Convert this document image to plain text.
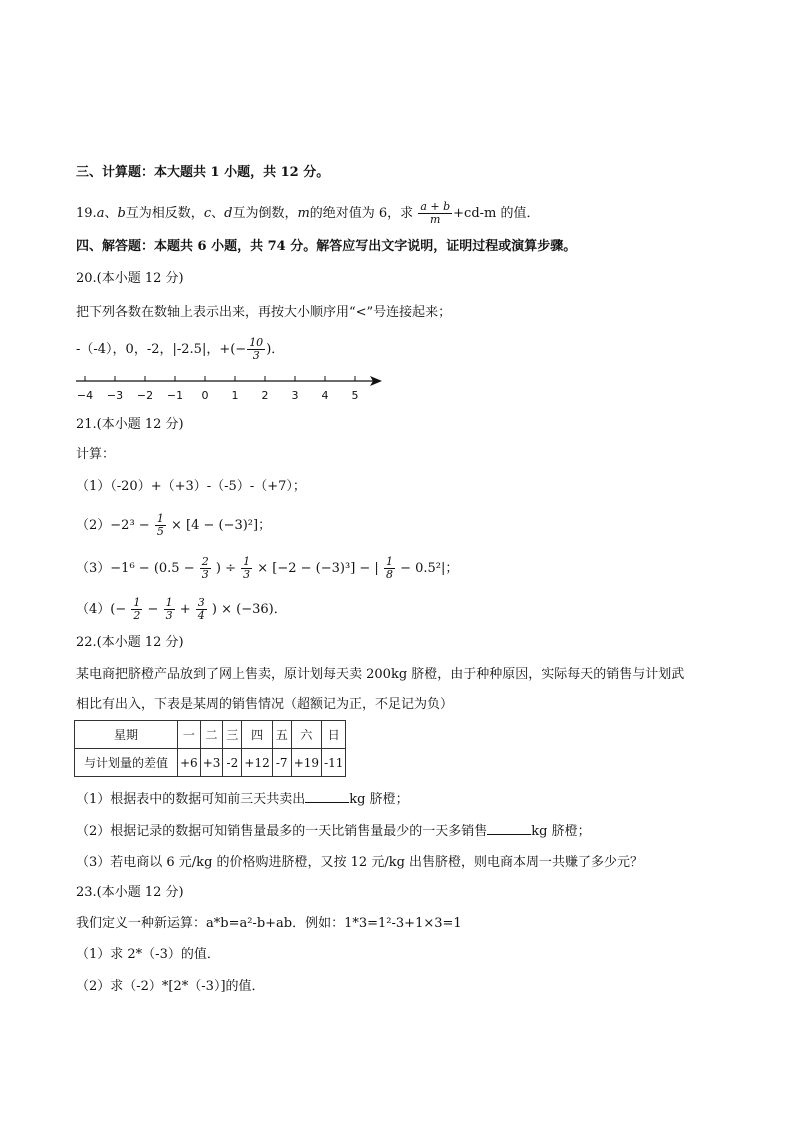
三、计算题：本大题共 1 小题，共 12 分。
19.a、b互为相反数，c、d互为倒数，m的绝对值为 6，求 $\frac{a + b}{m} +cd-m$ 的值．
四、解答题：本题共 6 小题，共 74 分。解答应写出文字说明，证明过程或演算步骤。
20.(本小题 12 分)
把下列各数在数轴上表示出来，再按大小顺序用“<”号连接起来；
-（-4），0，-2，|-2.5|，+(− $\frac{10}{3}$ )．
−4 −3 −2 −1 0 1 2 3 4 5
21.(本小题 12 分)
计算：
（1）（-20）+（+3）-（-5）-（+7）；
$(2)-2^3 - \frac{1}{5} \times [4 - (-3)^2]$；
$(3)-1^6 - (0.5 - \frac{2}{3}$ ) ÷ $\frac{1}{3} \times [-2 - (-3)^3]$ − | $\frac{1}{8} - 0.5^2|$；
$(4)(- \frac{1}{2} - \frac{1}{3} + \frac{3}{4}$ ) × (−36)．
22.(本小题 12 分)
某电商把脐橙产品放到了网上售卖，原计划每天卖 200kg 脐橙，由于种种原因，实际每天的销售与计划武
相比有出入，下表是某周的销售情况（超额记为正，不足记为负）
星期	一	二	三	四	五	六	日
与计划量的差值	+6	+3	-2	+12	-7	+19	-11
（1）根据表中的数据可知前三天共卖出	kg 脐橙；
（2）根据记录的数据可知销售量最多的一天比销售量最少的一天多销售	kg 脐橙；
（3）若电商以 6 元/kg 的价格购进脐橙，又按 12 元/kg 出售脐橙，则电商本周一共赚了多少元？
23.(本小题 12 分)
我们定义一种新运算：a*b=a²-b+ab．例如：1*3=1²-3+1×3=1
（1）求 2*（-3）的值．
（2）求（-2）*[2*（-3）]的值．
